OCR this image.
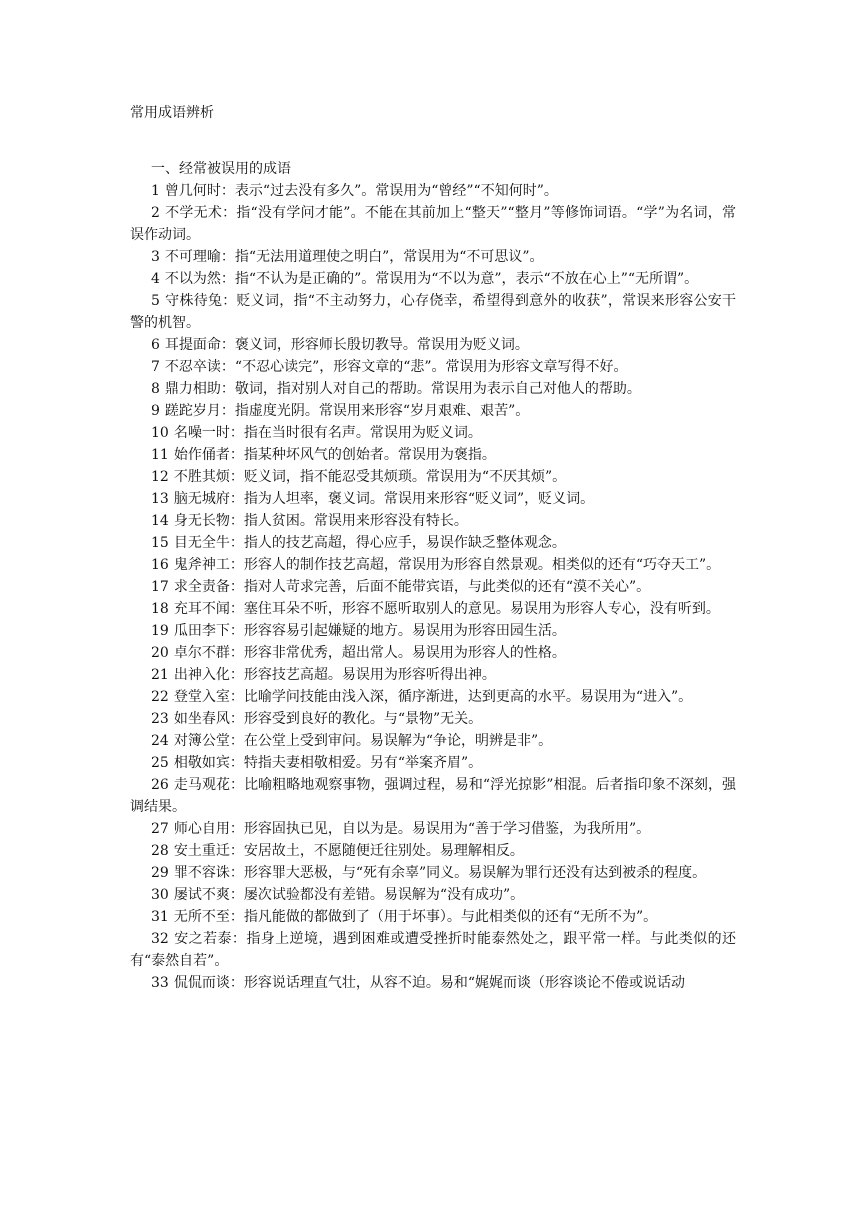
常用成语辨析

一、经常被误用的成语

1 曾几何时：表示“过去没有多久”。常误用为“曾经”“不知何时”。

2 不学无术：指“没有学问才能”。不能在其前加上“整天”“整月”等修饰词语。“学”为名词，常误作动词。

3 不可理喻：指“无法用道理使之明白”，常误用为“不可思议”。

4 不以为然：指“不认为是正确的”。常误用为“不以为意”，表示“不放在心上”“无所谓”。

5 守株待兔：贬义词，指“不主动努力，心存侥幸，希望得到意外的收获”，常误来形容公安干警的机智。

6 耳提面命：褒义词，形容师长殷切教导。常误用为贬义词。

7 不忍卒读：“不忍心读完”，形容文章的“悲”。常误用为形容文章写得不好。

8 鼎力相助：敬词，指对别人对自己的帮助。常误用为表示自己对他人的帮助。

9 蹉跎岁月：指虚度光阴。常误用来形容“岁月艰难、艰苦”。

10 名噪一时：指在当时很有名声。常误用为贬义词。

11 始作俑者：指某种坏风气的创始者。常误用为褒指。

12 不胜其烦：贬义词，指不能忍受其烦琐。常误用为“不厌其烦”。

13 脑无城府：指为人坦率，褒义词。常误用来形容“贬义词”，贬义词。

14 身无长物：指人贫困。常误用来形容没有特长。

15 目无全牛：指人的技艺高超，得心应手，易误作缺乏整体观念。

16 鬼斧神工：形容人的制作技艺高超，常误用为形容自然景观。相类似的还有“巧夺天工”。

17 求全责备：指对人苛求完善，后面不能带宾语，与此类似的还有“漠不关心”。

18 充耳不闻：塞住耳朵不听，形容不愿听取别人的意见。易误用为形容人专心，没有听到。

19 瓜田李下：形容容易引起嫌疑的地方。易误用为形容田园生活。

20 卓尔不群：形容非常优秀，超出常人。易误用为形容人的性格。

21 出神入化：形容技艺高超。易误用为形容听得出神。

22 登堂入室：比喻学问技能由浅入深，循序渐进，达到更高的水平。易误用为“进入”。

23 如坐春风：形容受到良好的教化。与“景物”无关。

24 对簿公堂：在公堂上受到审问。易误解为“争论，明辨是非”。

25 相敬如宾：特指夫妻相敬相爱。另有“举案齐眉”。

26 走马观花：比喻粗略地观察事物，强调过程，易和“浮光掠影”相混。后者指印象不深刻，强调结果。

27 师心自用：形容固执已见，自以为是。易误用为“善于学习借鉴，为我所用”。

28 安土重迁：安居故土，不愿随便迁往别处。易理解相反。

29 罪不容诛：形容罪大恶极，与“死有余辜”同义。易误解为罪行还没有达到被杀的程度。

30 屡试不爽：屡次试验都没有差错。易误解为“没有成功”。

31 无所不至：指凡能做的都做到了（用于坏事）。与此相类似的还有“无所不为”。

32 安之若泰：指身上逆境，遇到困难或遭受挫折时能泰然处之，跟平常一样。与此类似的还有“泰然自若”。

33 侃侃而谈：形容说话理直气壮，从容不迫。易和“娓娓而谈（形容谈论不倦或说话动
